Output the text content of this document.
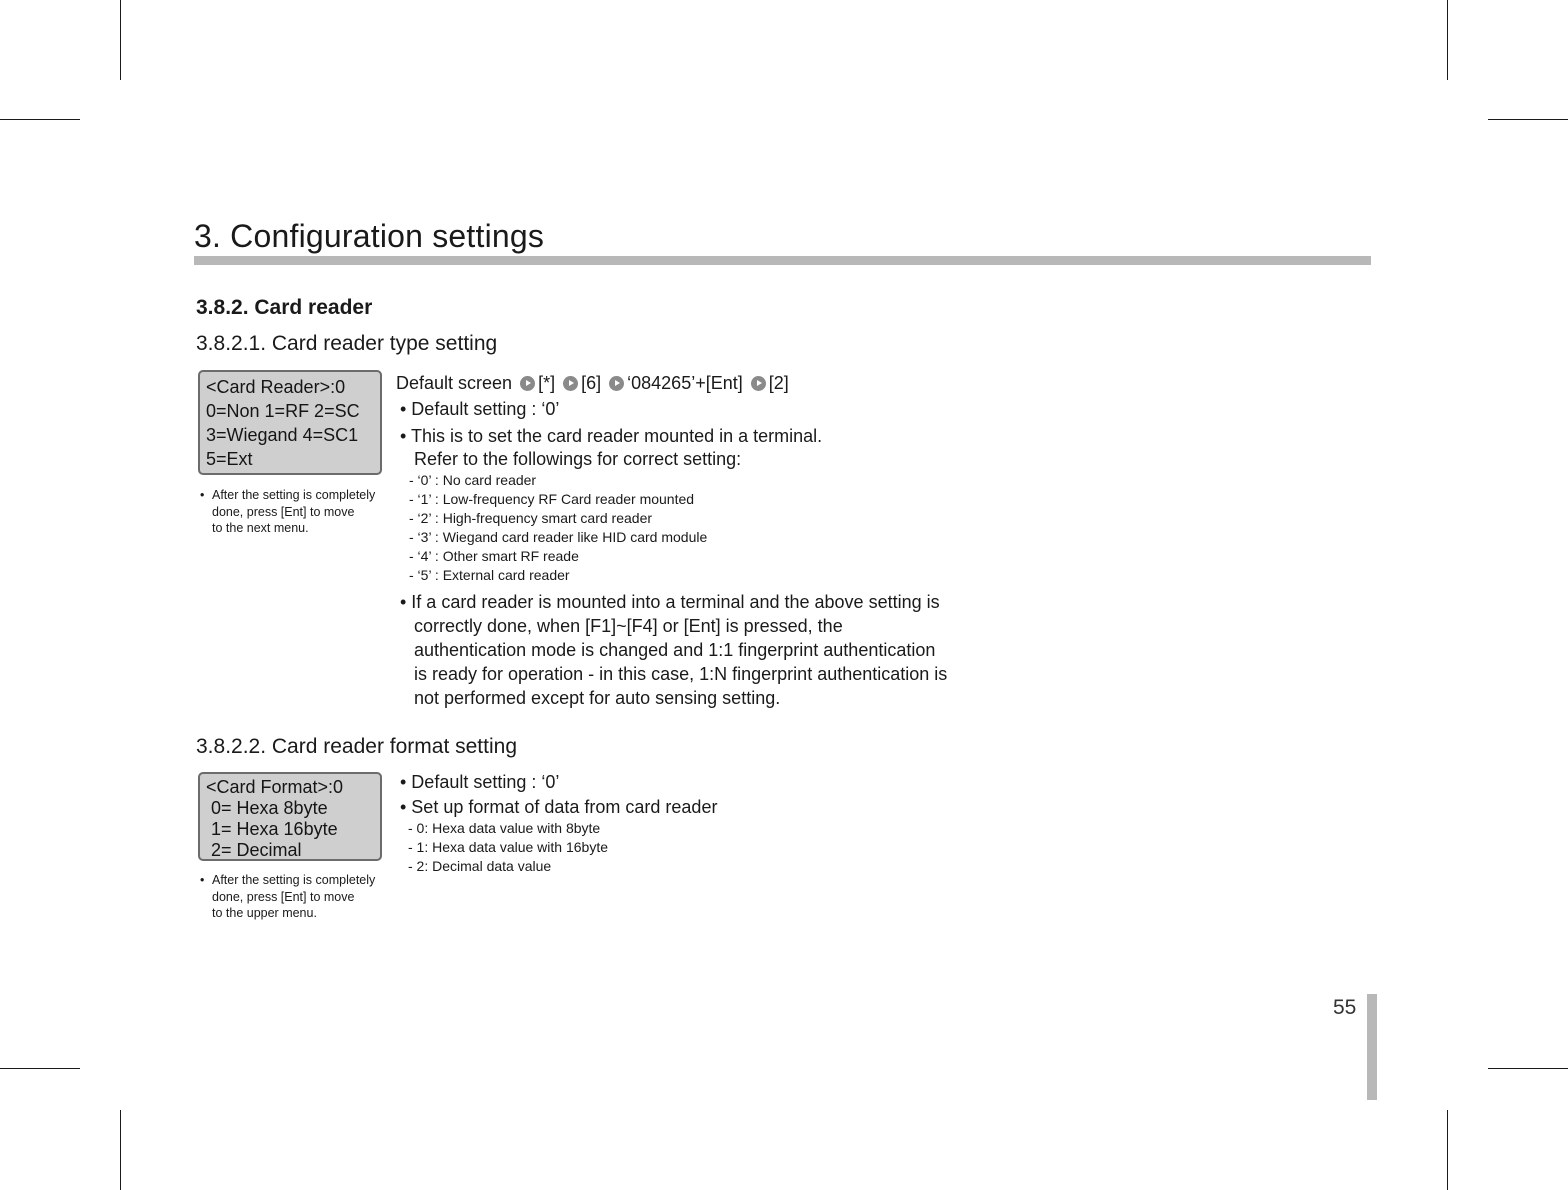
3. Configuration settings
3.8.2. Card reader
3.8.2.1. Card reader type setting
<Card Reader>:0
0=Non 1=RF 2=SC
3=Wiegand 4=SC1
5=Ext
• After the setting is completely
done, press [Ent] to move
to the next menu.
Default screen [*] [6] ‘084265’+[Ent] [2]
• Default setting : ‘0’
• This is to set the card reader mounted in a terminal.
Refer to the followings for correct setting:
- ‘0’ : No card reader
- ‘1’ : Low-frequency RF Card reader mounted
- ‘2’ : High-frequency smart card reader
- ‘3’ : Wiegand card reader like HID card module
- ‘4’ : Other smart RF reade
- ‘5’ : External card reader
• If a card reader is mounted into a terminal and the above setting is
correctly done, when [F1]~[F4] or [Ent] is pressed, the
authentication mode is changed and 1:1 fingerprint authentication
is ready for operation - in this case, 1:N fingerprint authentication is
not performed except for auto sensing setting.
3.8.2.2. Card reader format setting
<Card Format>:0
0= Hexa 8byte
1= Hexa 16byte
2= Decimal
• After the setting is completely
done, press [Ent] to move
to the upper menu.
• Default setting : ‘0’
• Set up format of data from card reader
- 0: Hexa data value with 8byte
- 1: Hexa data value with 16byte
- 2: Decimal data value
55
